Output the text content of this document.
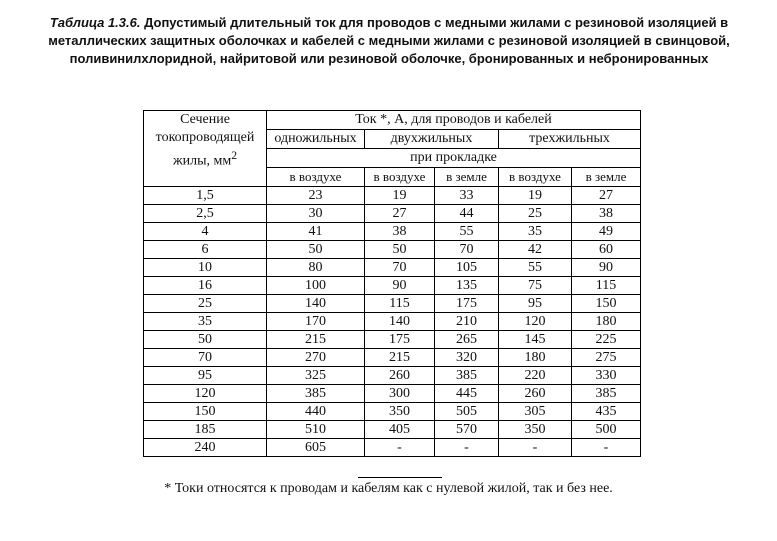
Таблица 1.3.6. Допустимый длительный ток для проводов с медными жилами с резиновой изоляцией в металлических защитных оболочках и кабелей с медными жилами с резиновой изоляцией в свинцовой, поливинилхлоридной, найритовой или резиновой оболочке, бронированных и небронированных
Сечение
токопроводящей
жилы, $мм^2$	Ток *, А, для проводов и кабелей				
	одножильных	двухжильных		трехжильных	
	при прокладке				
	в воздухе	в воздухе	в земле	в воздухе	в земле
1,5	23	19	33	19	27
2,5	30	27	44	25	38
4	41	38	55	35	49
6	50	50	70	42	60
10	80	70	105	55	90
16	100	90	135	75	115
25	140	115	175	95	150
35	170	140	210	120	180
50	215	175	265	145	225
70	270	215	320	180	275
95	325	260	385	220	330
120	385	300	445	260	385
150	440	350	505	305	435
185	510	405	570	350	500
240	605	-	-	-	-
* Токи относятся к проводам и кабелям как с нулевой жилой, так и без нее.
